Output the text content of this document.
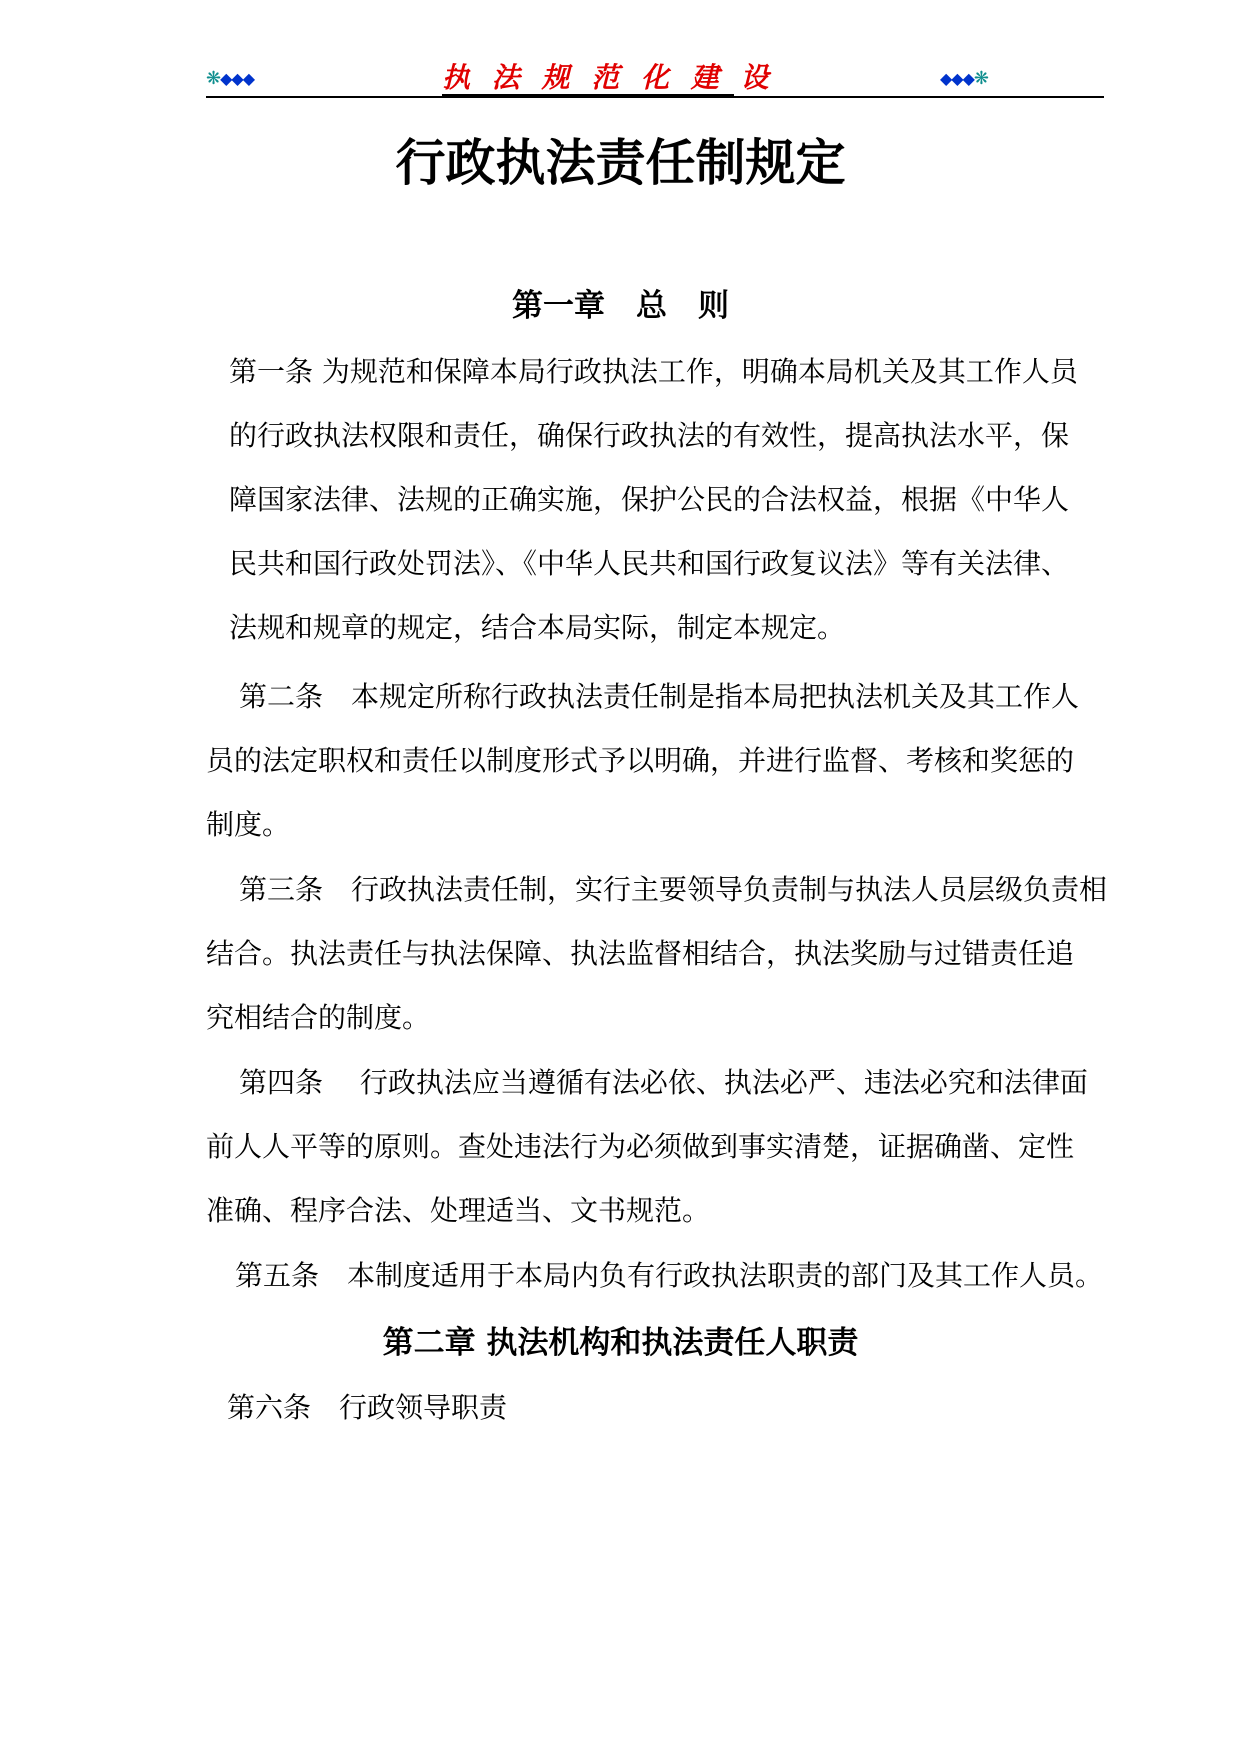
❋◆◆◆	执 法 规 范 化 建 设	◆◆◆❋
行政执法责任制规定
第一章　总　则
第一条 为规范和保障本局行政执法工作，明确本局机关及其工作人员
的行政执法权限和责任，确保行政执法的有效性，提高执法水平，保
障国家法律、法规的正确实施，保护公民的合法权益，根据《中华人
民共和国行政处罚法》、《中华人民共和国行政复议法》等有关法律、
法规和规章的规定，结合本局实际，制定本规定。
第二条　本规定所称行政执法责任制是指本局把执法机关及其工作人
员的法定职权和责任以制度形式予以明确，并进行监督、考核和奖惩的
制度。
第三条　行政执法责任制，实行主要领导负责制与执法人员层级负责相
结合。执法责任与执法保障、执法监督相结合，执法奖励与过错责任追
究相结合的制度。
第四条　 行政执法应当遵循有法必依、执法必严、违法必究和法律面
前人人平等的原则。查处违法行为必须做到事实清楚，证据确凿、定性
准确、程序合法、处理适当、文书规范。
第五条　本制度适用于本局内负有行政执法职责的部门及其工作人员。
第二章 执法机构和执法责任人职责
第六条　行政领导职责
